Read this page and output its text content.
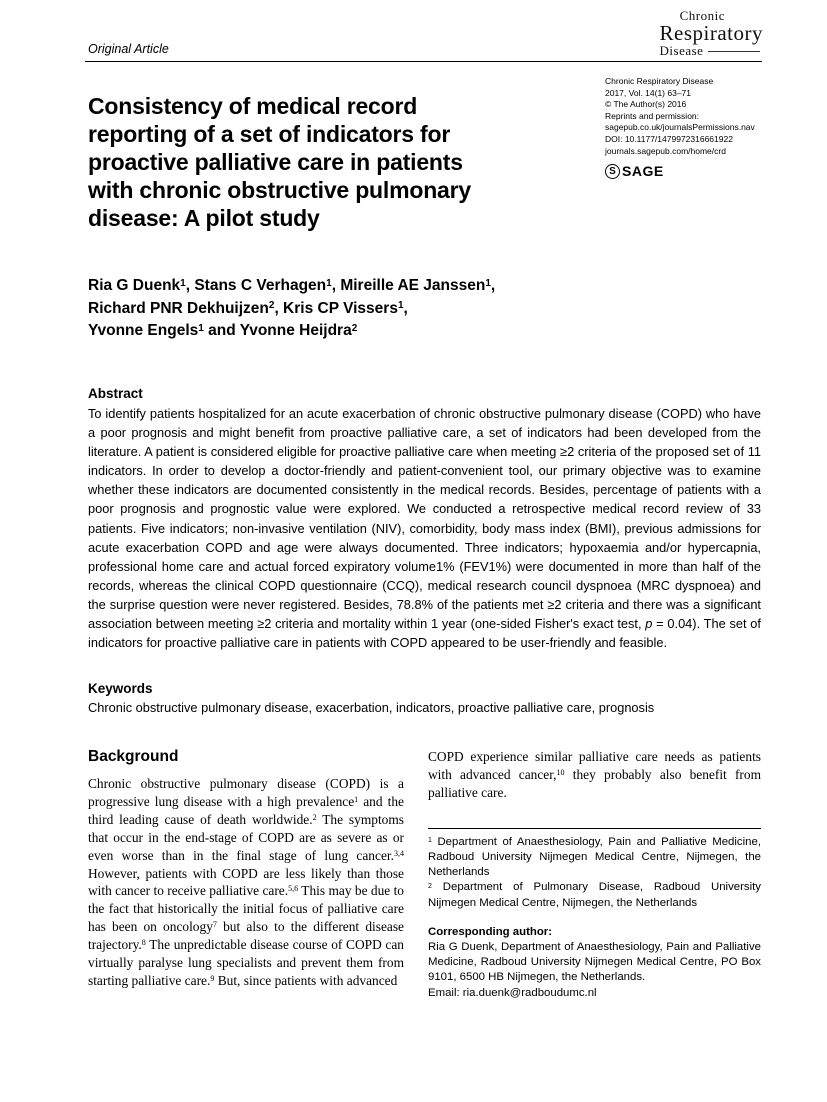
Original Article
Chronic
Respiratory
Disease
Chronic Respiratory Disease
2017, Vol. 14(1) 63–71
© The Author(s) 2016
Reprints and permission:
sagepub.co.uk/journalsPermissions.nav
DOI: 10.1177/1479972316661922
journals.sagepub.com/home/crd
S SAGE
Consistency of medical record reporting of a set of indicators for proactive palliative care in patients with chronic obstructive pulmonary disease: A pilot study
Ria G Duenk$^1$, Stans C Verhagen$^1$, Mireille AE Janssen$^1$,
Richard PNR Dekhuijzen$^2$, Kris CP Vissers$^1$,
Yvonne Engels$^1$ and Yvonne Heijdra$^2$
Abstract
To identify patients hospitalized for an acute exacerbation of chronic obstructive pulmonary disease (COPD) who have a poor prognosis and might benefit from proactive palliative care, a set of indicators had been developed from the literature. A patient is considered eligible for proactive palliative care when meeting ≥2 criteria of the proposed set of 11 indicators. In order to develop a doctor-friendly and patient-convenient tool, our primary objective was to examine whether these indicators are documented consistently in the medical records. Besides, percentage of patients with a poor prognosis and prognostic value were explored. We conducted a retrospective medical record review of 33 patients. Five indicators; non-invasive ventilation (NIV), comorbidity, body mass index (BMI), previous admissions for acute exacerbation COPD and age were always documented. Three indicators; hypoxaemia and/or hypercapnia, professional home care and actual forced expiratory volume1% (FEV1%) were documented in more than half of the records, whereas the clinical COPD questionnaire (CCQ), medical research council dyspnoea (MRC dyspnoea) and the surprise question were never registered. Besides, 78.8% of the patients met ≥2 criteria and there was a significant association between meeting ≥2 criteria and mortality within 1 year (one-sided Fisher's exact test, p = 0.04). The set of indicators for proactive palliative care in patients with COPD appeared to be user-friendly and feasible.
Keywords
Chronic obstructive pulmonary disease, exacerbation, indicators, proactive palliative care, prognosis
Background

Chronic obstructive pulmonary disease (COPD) is a progressive lung disease with a high prevalence$^1$ and the third leading cause of death worldwide.$^2$ The symptoms that occur in the end-stage of COPD are as severe as or even worse than in the final stage of lung cancer.$^{3,4}$ However, patients with COPD are less likely than those with cancer to receive palliative care.$^{5,6}$ This may be due to the fact that historically the initial focus of palliative care has been on oncology$^7$ but also to the different disease trajectory.$^8$ The unpredictable disease course of COPD can virtually paralyse lung specialists and prevent them from starting palliative care.$^9$ But, since patients with advanced

COPD experience similar palliative care needs as patients with advanced cancer,$^{10}$ they probably also benefit from palliative care.

$^1$ Department of Anaesthesiology, Pain and Palliative Medicine, Radboud University Nijmegen Medical Centre, Nijmegen, the Netherlands

$^2$ Department of Pulmonary Disease, Radboud University Nijmegen Medical Centre, Nijmegen, the Netherlands

Corresponding author:
Ria G Duenk, Department of Anaesthesiology, Pain and Palliative Medicine, Radboud University Nijmegen Medical Centre, PO Box 9101, 6500 HB Nijmegen, the Netherlands.
Email: ria.duenk@radboudumc.nl
